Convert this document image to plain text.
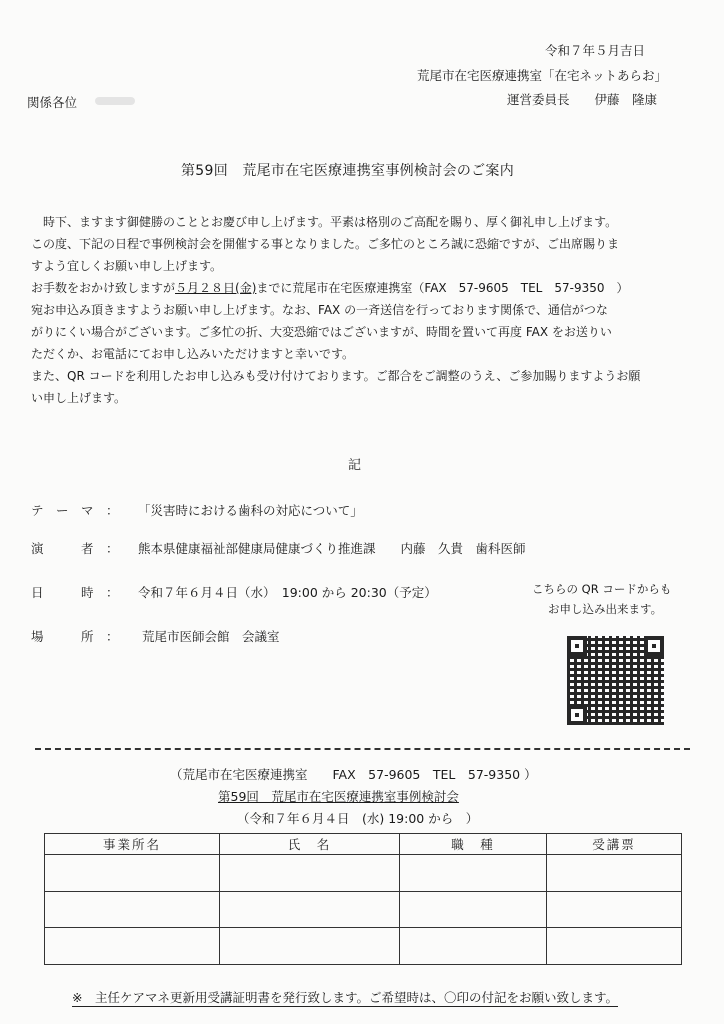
令和７年５月吉日
荒尾市在宅医療連携室「在宅ネットあらお」
関係各位	運営委員長　　伊藤　隆康
第59回　荒尾市在宅医療連携室事例検討会のご案内

時下、ますます御健勝のこととお慶び申し上げます。平素は格別のご高配を賜り、厚く御礼申し上げます。

この度、下記の日程で事例検討会を開催する事となりました。ご多忙のところ誠に恐縮ですが、ご出席賜りま

すよう宜しくお願い申し上げます。

お手数をおかけ致しますが５月２８日(金)までに荒尾市在宅医療連携室（FAX　57-9605　TEL　57-9350　）

宛お申込み頂きますようお願い申し上げます。なお、FAX の一斉送信を行っております関係で、通信がつな

がりにくい場合がございます。ご多忙の折、大変恐縮ではございますが、時間を置いて再度 FAX をお送りい

ただくか、お電話にてお申し込みいただけますと幸いです。

また、QR コードを利用したお申し込みも受け付けております。ご都合をご調整のうえ、ご参加賜りますようお願

い申し上げます。

記
テ　ー　マ　： 「災害時における歯科の対応について」
演　　　者　： 熊本県健康福祉部健康局健康づくり推進課　　内藤　久貴　歯科医師
日　　　時　： 令和７年６月４日（水）　19:00 から 20:30（予定）
場　　　所　： 荒尾市医師会館　会議室
こちらの QR コードからも
お申し込み出来ます。
（荒尾市在宅医療連携室　　FAX　57-9605　TEL　57-9350 ）
第59回　荒尾市在宅医療連携室事例検討会
（令和７年６月４日　(水) 19:00 から　）
事業所名	氏　名	職　種	受講票

※　主任ケアマネ更新用受講証明書を発行致します。ご希望時は、〇印の付記をお願い致します。
